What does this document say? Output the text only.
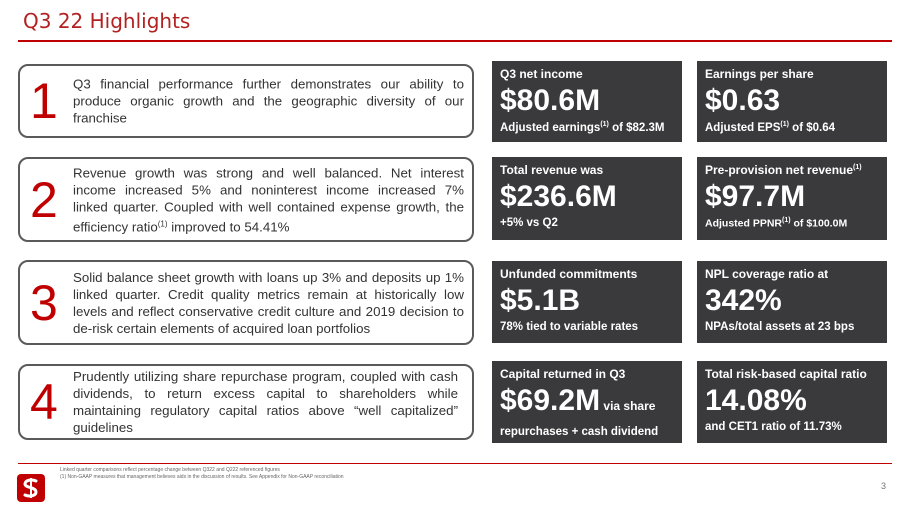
Q3 22 Highlights
1 Q3 financial performance further demonstrates our ability to produce organic growth and the geographic diversity of our franchise
2 Revenue growth was strong and well balanced. Net interest income increased 5% and noninterest income increased 7% linked quarter. Coupled with well contained expense growth, the efficiency ratio$^{(1)}$ improved to 54.41%
3 Solid balance sheet growth with loans up 3% and deposits up 1% linked quarter. Credit quality metrics remain at historically low levels and reflect conservative credit culture and 2019 decision to de-risk certain elements of acquired loan portfolios
4 Prudently utilizing share repurchase program, coupled with cash dividends, to return excess capital to shareholders while maintaining regulatory capital ratios above “well capitalized” guidelines
Q3 net income
$80.6M
Adjusted earnings$^{(1)}$ of $82.3M
Earnings per share
$0.63
Adjusted EPS$^{(1)}$ of $0.64
Total revenue was
$236.6M
+5% vs Q2
Pre-provision net revenue$^{(1)}$
$97.7M
Adjusted PPNR$^{(1)}$ of $100.0M
Unfunded commitments
$5.1B
78% tied to variable rates
NPL coverage ratio at
342%
NPAs/total assets at 23 bps
Capital returned in Q3
$69.2M via share
repurchases + cash dividend
Total risk-based capital ratio
14.08%
and CET1 ratio of 11.73%
Linked quarter comparisons reflect percentage change between Q322 and Q222 referenced figures
(1) Non-GAAP measures that management believes aids in the discussion of results. See Appendix for Non-GAAP reconciliation
3
